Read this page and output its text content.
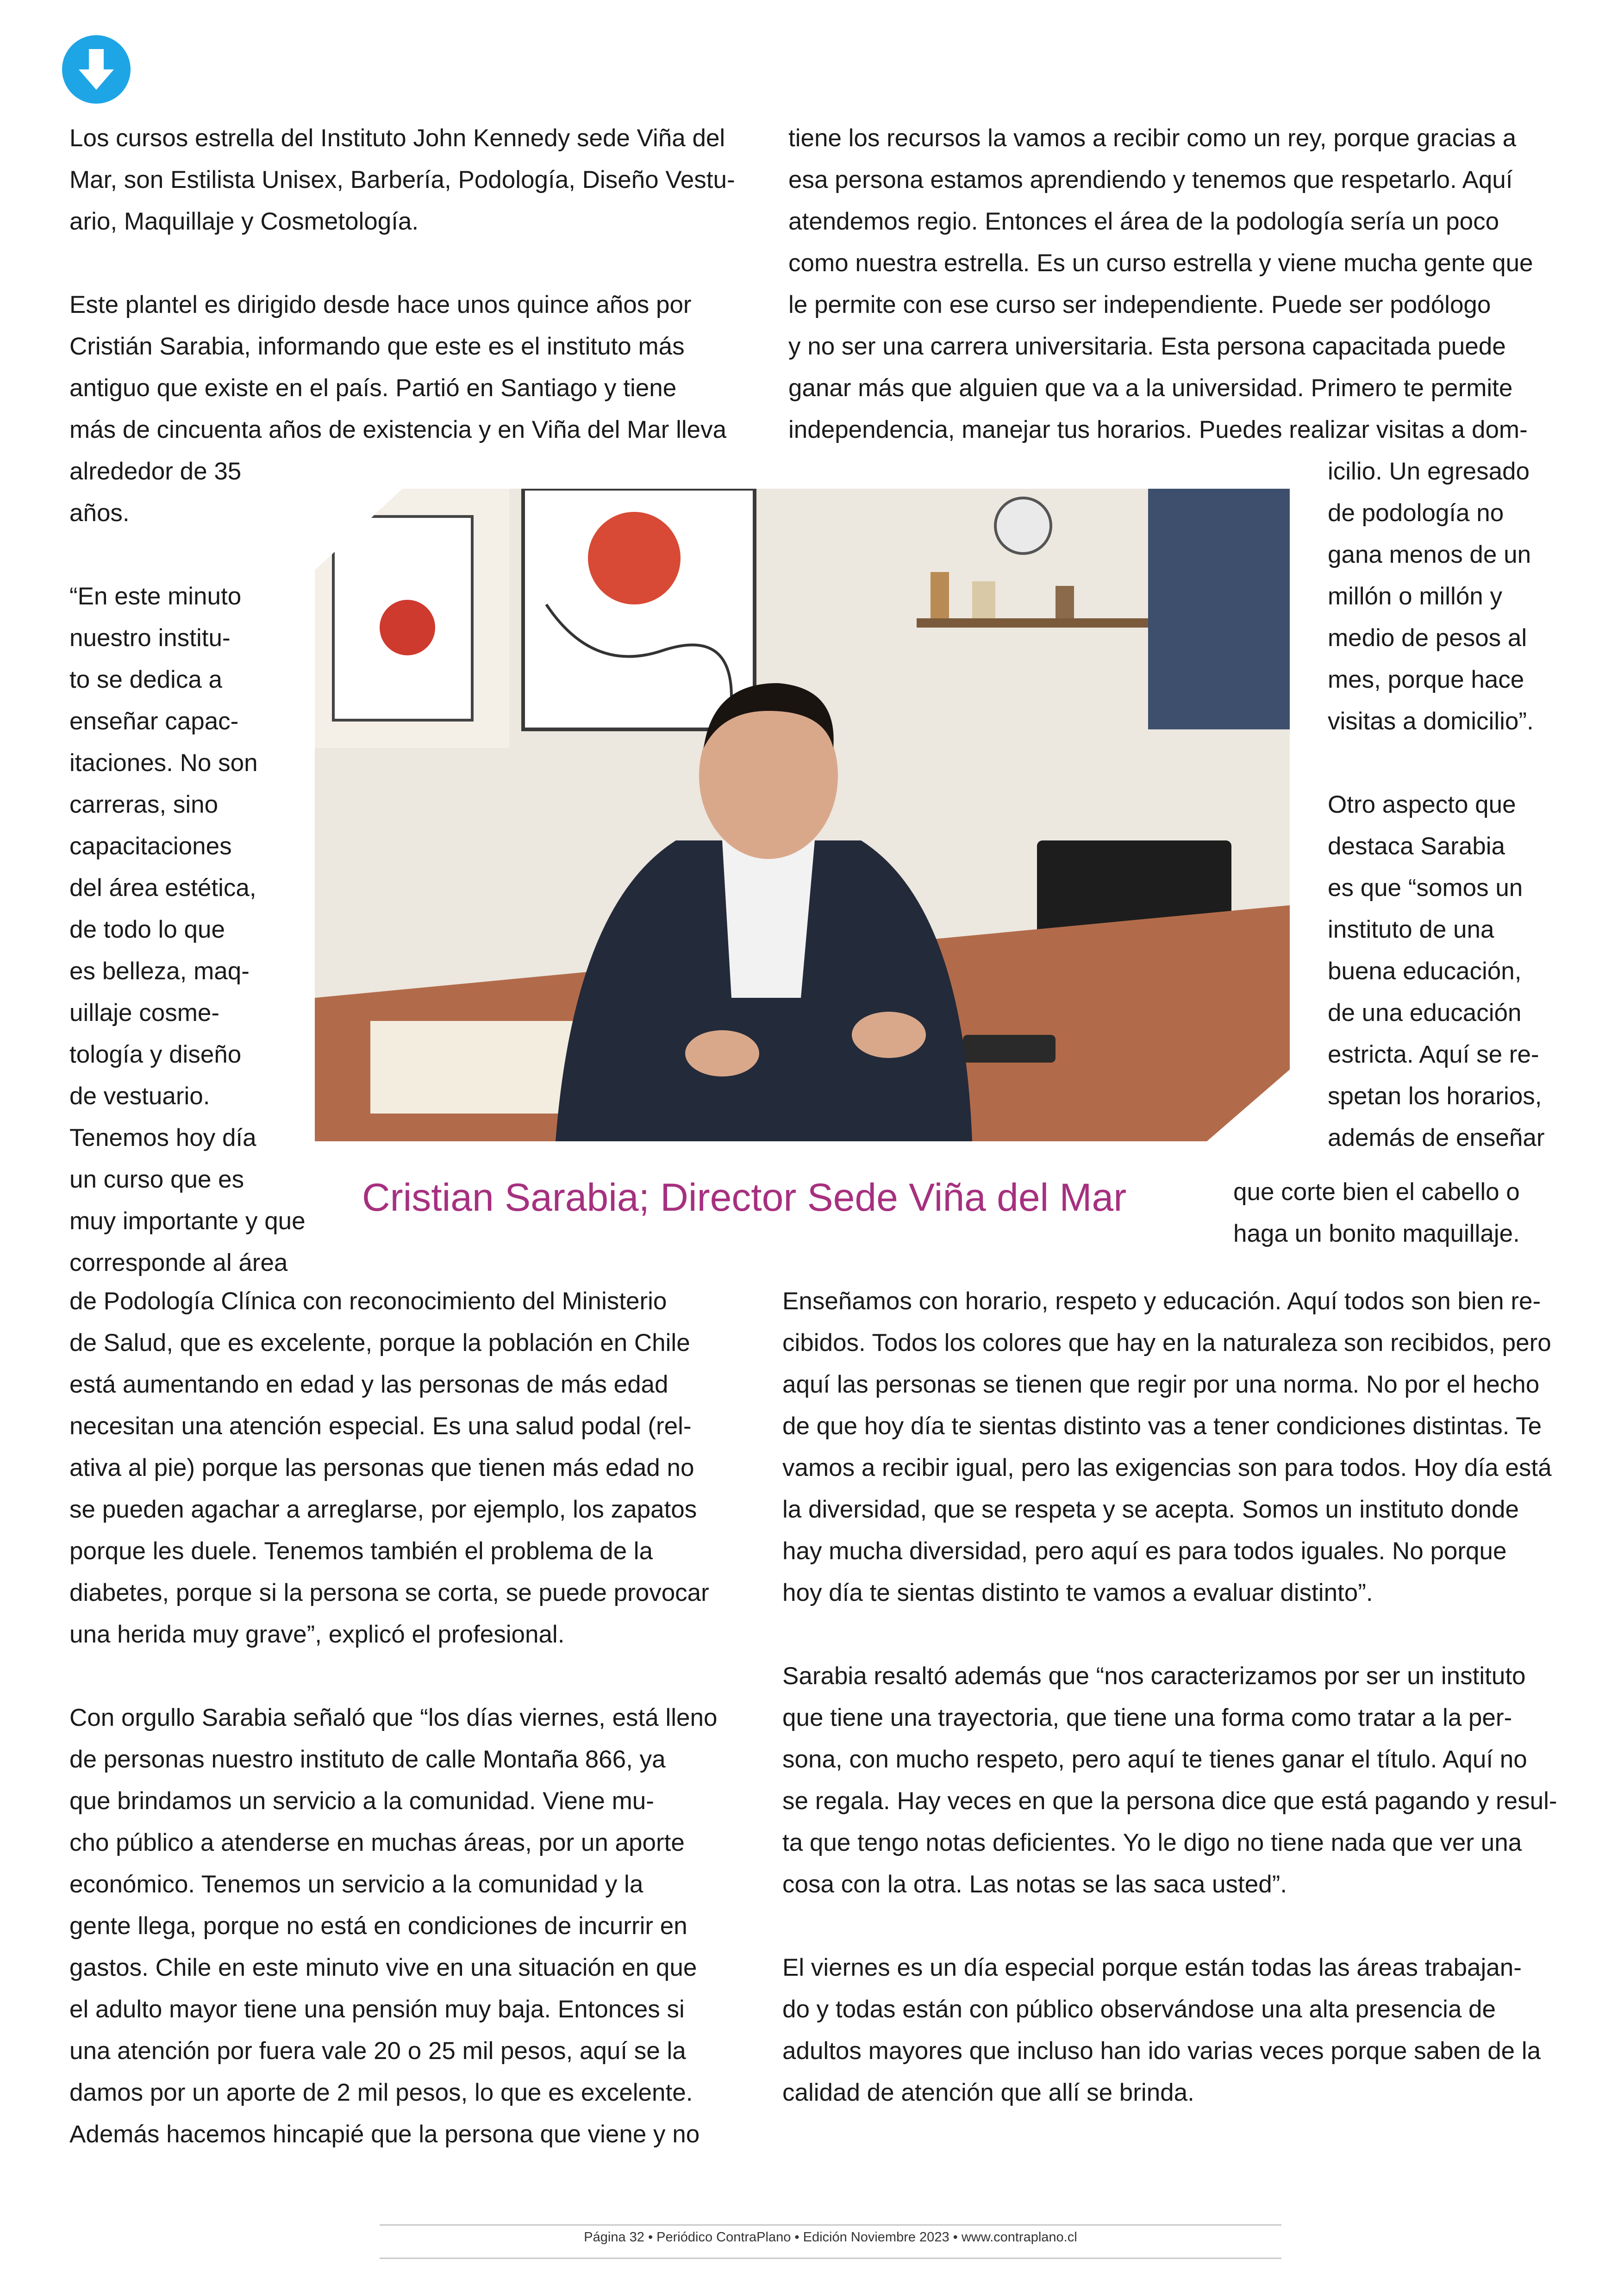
Los cursos estrella del Instituto John Kennedy sede Viña del
Mar, son Estilista Unisex, Barbería, Podología, Diseño Vestu-
ario, Maquillaje y Cosmetología.
Este plantel es dirigido desde hace unos quince años por
Cristián Sarabia, informando que este es el instituto más
antiguo que existe en el país. Partió en Santiago y tiene
más de cincuenta años de existencia y en Viña del Mar lleva
alrededor de 35
años.
“En este minuto
nuestro institu-
to se dedica a
enseñar capac-
itaciones. No son
carreras, sino
capacitaciones
del área estética,
de todo lo que
es belleza, maq-
uillaje cosme-
tología y diseño
de vestuario.
Tenemos hoy día
un curso que es
muy importante y que
corresponde al área
tiene los recursos la vamos a recibir como un rey, porque gracias a
esa persona estamos aprendiendo y tenemos que respetarlo. Aquí
atendemos regio. Entonces el área de la podología sería un poco
como nuestra estrella. Es un curso estrella y viene mucha gente que
le permite con ese curso ser independiente. Puede ser podólogo
y no ser una carrera universitaria. Esta persona capacitada puede
ganar más que alguien que va a la universidad. Primero te permite
independencia, manejar tus horarios. Puedes realizar visitas a dom-
icilio. Un egresado
de podología no
gana menos de un
millón o millón y
medio de pesos al
mes, porque hace
visitas a domicilio”.
Otro aspecto que
destaca Sarabia
es que “somos un
instituto de una
buena educación,
de una educación
estricta. Aquí se re-
spetan los horarios,
además de enseñar
que corte bien el cabello o
haga un bonito maquillaje.
Cristian Sarabia; Director Sede Viña del Mar
de Podología Clínica con reconocimiento del Ministerio
de Salud, que es excelente, porque la población en Chile
está aumentando en edad y las personas de más edad
necesitan una atención especial. Es una salud podal (rel-
ativa al pie) porque las personas que tienen más edad no
se pueden agachar a arreglarse, por ejemplo, los zapatos
porque les duele. Tenemos también el problema de la
diabetes, porque si la persona se corta, se puede provocar
una herida muy grave”, explicó el profesional.
Con orgullo Sarabia señaló que “los días viernes, está lleno
de personas nuestro instituto de calle Montaña 866, ya
que brindamos un servicio a la comunidad. Viene mu-
cho público a atenderse en muchas áreas, por un aporte
económico. Tenemos un servicio a la comunidad y la
gente llega, porque no está en condiciones de incurrir en
gastos. Chile en este minuto vive en una situación en que
el adulto mayor tiene una pensión muy baja. Entonces si
una atención por fuera vale 20 o 25 mil pesos, aquí se la
damos por un aporte de 2 mil pesos, lo que es excelente.
Además hacemos hincapié que la persona que viene y no
Enseñamos con horario, respeto y educación. Aquí todos son bien re-
cibidos. Todos los colores que hay en la naturaleza son recibidos, pero
aquí las personas se tienen que regir por una norma. No por el hecho
de que hoy día te sientas distinto vas a tener condiciones distintas. Te
vamos a recibir igual, pero las exigencias son para todos. Hoy día está
la diversidad, que se respeta y se acepta. Somos un instituto donde
hay mucha diversidad, pero aquí es para todos iguales. No porque
hoy día te sientas distinto te vamos a evaluar distinto”.
Sarabia resaltó además que “nos caracterizamos por ser un instituto
que tiene una trayectoria, que tiene una forma como tratar a la per-
sona, con mucho respeto, pero aquí te tienes ganar el título. Aquí no
se regala. Hay veces en que la persona dice que está pagando y resul-
ta que tengo notas deficientes. Yo le digo no tiene nada que ver una
cosa con la otra. Las notas se las saca usted”.
El viernes es un día especial porque están todas las áreas trabajan-
do y todas están con público observándose una alta presencia de
adultos mayores que incluso han ido varias veces porque saben de la
calidad de atención que allí se brinda.
Página 32 • Periódico ContraPlano • Edición Noviembre 2023 • www.contraplano.cl
